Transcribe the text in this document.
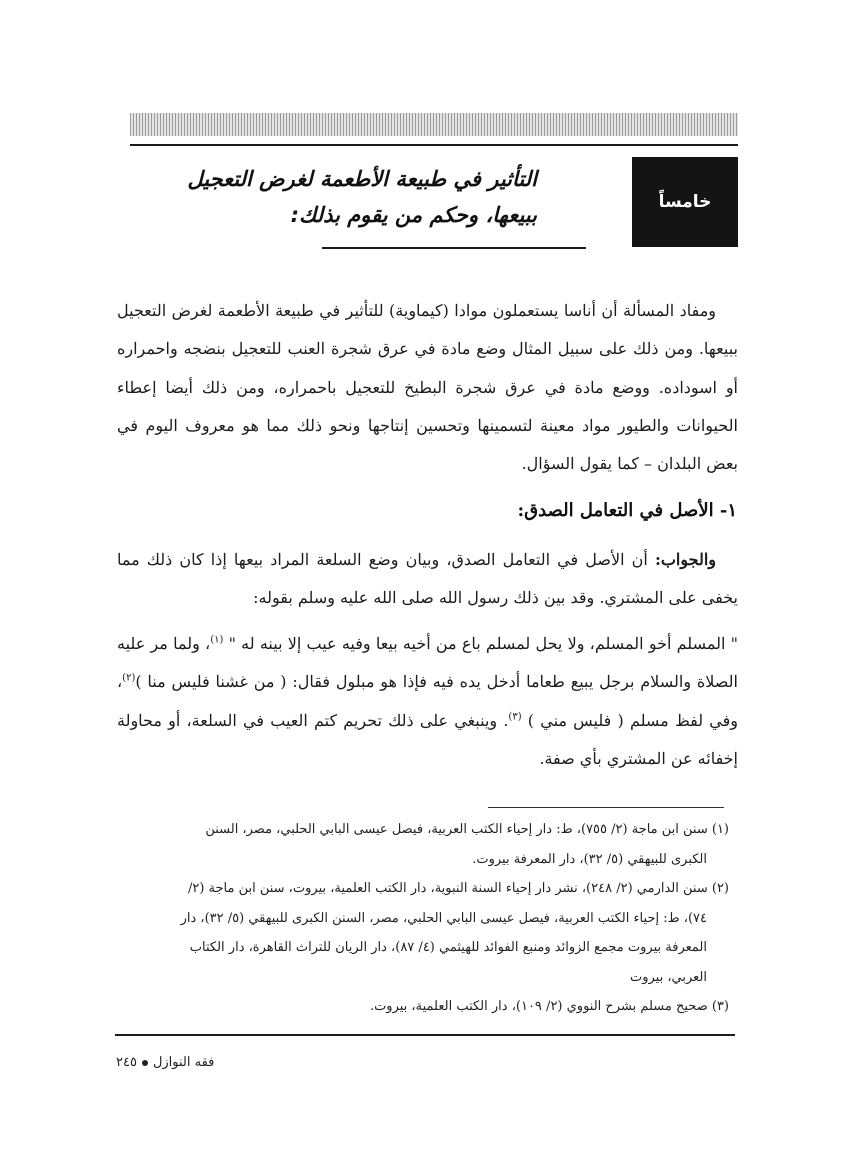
خامساً
التأثير في طبيعة الأطعمة لغرض التعجيل
ببيعها، وحكم من يقوم بذلك:
ومفاد المسألة أن أناسا يستعملون موادا (كيماوية) للتأثير في طبيعة الأطعمة لغرض التعجيل ببيعها. ومن ذلك على سبيل المثال وضع مادة في عرق شجرة العنب للتعجيل بنضجه واحمراره أو اسوداده. ووضع مادة في عرق شجرة البطيخ للتعجيل باحمراره، ومن ذلك أيضا إعطاء الحيوانات والطيور مواد معينة لتسمينها وتحسين إنتاجها ونحو ذلك مما هو معروف اليوم في بعض البلدان – كما يقول السؤال.
١- الأصل في التعامل الصدق:
والجواب: أن الأصل في التعامل الصدق، وبيان وضع السلعة المراد بيعها إذا كان ذلك مما يخفى على المشتري. وقد بين ذلك رسول الله صلى الله عليه وسلم بقوله:
" المسلم أخو المسلم، ولا يحل لمسلم باع من أخيه بيعا وفيه عيب إلا بينه له " $^{(١)}$، ولما مر عليه الصلاة والسلام برجل يبيع طعاما أدخل يده فيه فإذا هو مبلول فقال: ( من غشنا فليس منا )$^{(٢)}$، وفي لفظ مسلم ( فليس مني ) $^{(٣)}$. وينبغي على ذلك تحريم كتم العيب في السلعة، أو محاولة إخفائه عن المشتري بأي صفة.

(١) سنن ابن ماجة (٢/ ٧٥٥)، ط: دار إحياء الكتب العربية، فيصل عيسى البابي الحلبي، مصر، السنن

الكبرى للبيهقي (٥/ ٣٢)، دار المعرفة بيروت.

(٢) سنن الدارمي (٢/ ٢٤٨)، نشر دار إحياء السنة النبوية، دار الكتب العلمية، بيروت، سنن ابن ماجة (٢/

٧٤)، ط: إحياء الكتب العربية، فيصل عيسى البابي الحلبي، مصر، السنن الكبرى للبيهقي (٥/ ٣٢)، دار

المعرفة بيروت مجمع الزوائد ومنبع الفوائد للهيثمي (٤/ ٨٧)، دار الريان للتراث القاهرة، دار الكتاب

العربي، بيروت

(٣) صحيح مسلم بشرح النووي (٢/ ١٠٩)، دار الكتب العلمية، بيروت.

فقه النوازل
٢٤٥
